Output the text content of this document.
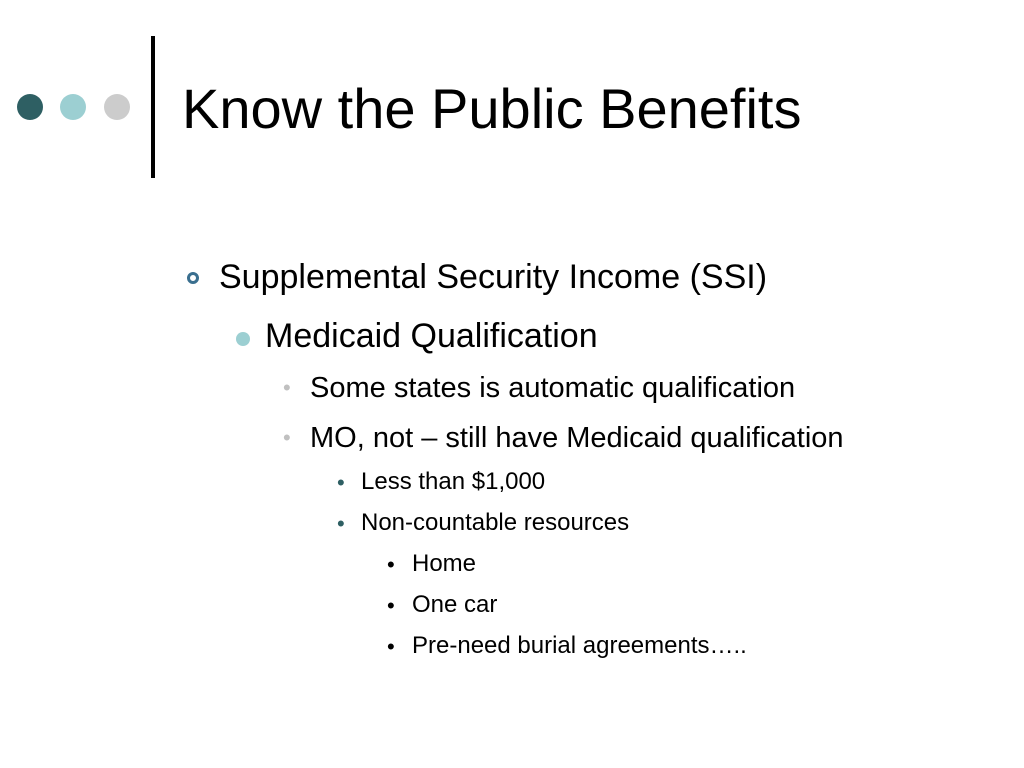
Know the Public Benefits
Supplemental Security Income (SSI)
Medicaid Qualification
• Some states is automatic qualification
• MO, not – still have Medicaid qualification
• Less than $1,000
• Non-countable resources
• Home
• One car
• Pre-need burial agreements…..
